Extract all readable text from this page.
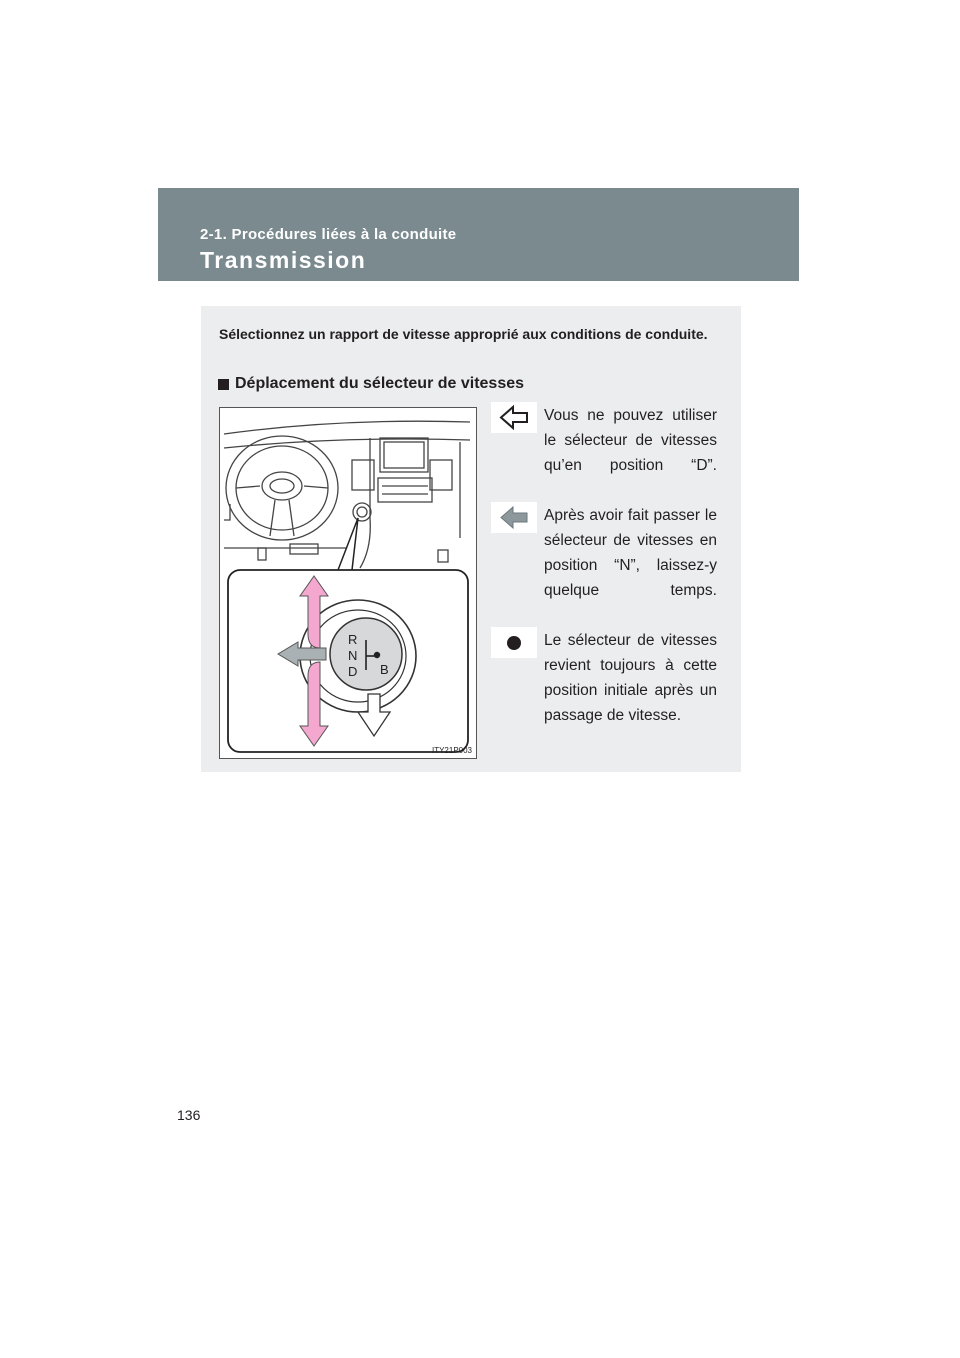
2-1. Procédures liées à la conduite
Transmission
Sélectionnez un rapport de vitesse approprié aux conditions de conduite.
Déplacement du sélecteur de vitesses
R
N
D B
ITY21P003
Vous ne pouvez utiliser le sélecteur de vitesses qu’en position “D”.
Après avoir fait passer le sélecteur de vitesses en position “N”, laissez-y quelque temps.
Le sélecteur de vitesses revient toujours à cette position initiale après un passage de vitesse.
136
